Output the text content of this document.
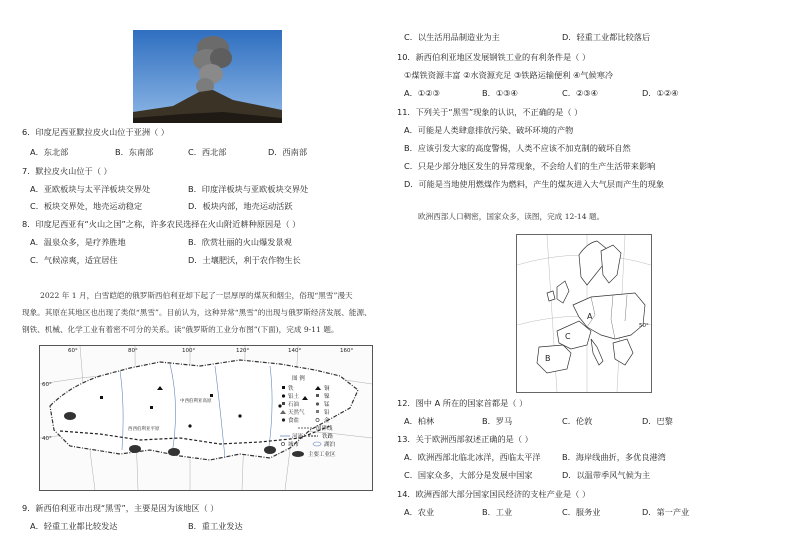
6．印度尼西亚默拉皮火山位于亚洲（ ）
A．东北部	B．东南部	C．西北部	D．西南部
7．默拉皮火山位于（ ）
A．亚欧板块与太平洋板块交界处	B．印度洋板块与亚欧板块交界处
C．板块交界处，地壳运动稳定	D．板块内部，地壳运动活跃
8．印度尼西亚有“火山之国”之称，许多农民选择在火山附近耕种原因是（ ）
A．温泉众多，是疗养胜地	B．欣赏壮丽的火山爆发景观
C．气候凉爽，适宜居住	D．土壤肥沃，利于农作物生长
2022 年 1 月，白雪皑皑的俄罗斯西伯利亚却下起了一层厚厚的煤灰和烟尘，俗现“黑雪”漫天
现象。其原在其地区也出现了类似“黑雪”。目前认为，这种异常“黑雪”的出现与俄罗斯经济发展、能源、
钢铁、机械、化学工业有着密不可分的关系。读“俄罗斯的工业分布图”(下面)，完成 9-11 题。
60°	80°	100°	120°	140°	160°
60°
40°
西西伯利亚平原
中西伯利亚高原
图 例
铁	铜
铝土	镍
石油	锰
天然气	铅
食盐	金
国界线
河流	铁路
城市	湖泊
主要工业区
9．新西伯利亚市出现“黑雪”，主要是因为该地区（ ）
A．轻重工业都比较发达	B．重工业发达
C．以生活用品制造业为主	D．轻重工业都比较落后
10．新西伯利亚地区发展钢铁工业的有利条件是（ ）
①煤铁资源丰富 ②水资源充足 ③铁路运输便利 ④气候寒冷
A．①②③	B．①③④	C．②③④	D．①②④
11．下列关于“黑雪”现象的认识，不正确的是（ ）
A．可能是人类肆意排放污染、破坏环境的产物
B．应该引发大家的高度警惕，人类不应该不加克制的破坏自然
C．只是少部分地区发生的异常现象，不会给人们的生产生活带来影响
D．可能是当地使用燃煤作为燃料，产生的煤灰进入大气层而产生的现象
欧洲西部人口稠密，国家众多，读图，完成 12-14 题。
A
B
C
50°
12．图中 A 所在的国家首都是（ ）
A．柏林	B．罗马	C．伦敦	D．巴黎
13．关于欧洲西部叙述正确的是（ ）
A．欧洲西部北临北冰洋，西临太平洋	B．海岸线曲折，多优良港湾
C．国家众多，大部分是发展中国家	D．以温带季风气候为主
14．欧洲西部大部分国家国民经济的支柱产业是（ ）
A．农业	B．工业	C．服务业	D．第一产业
